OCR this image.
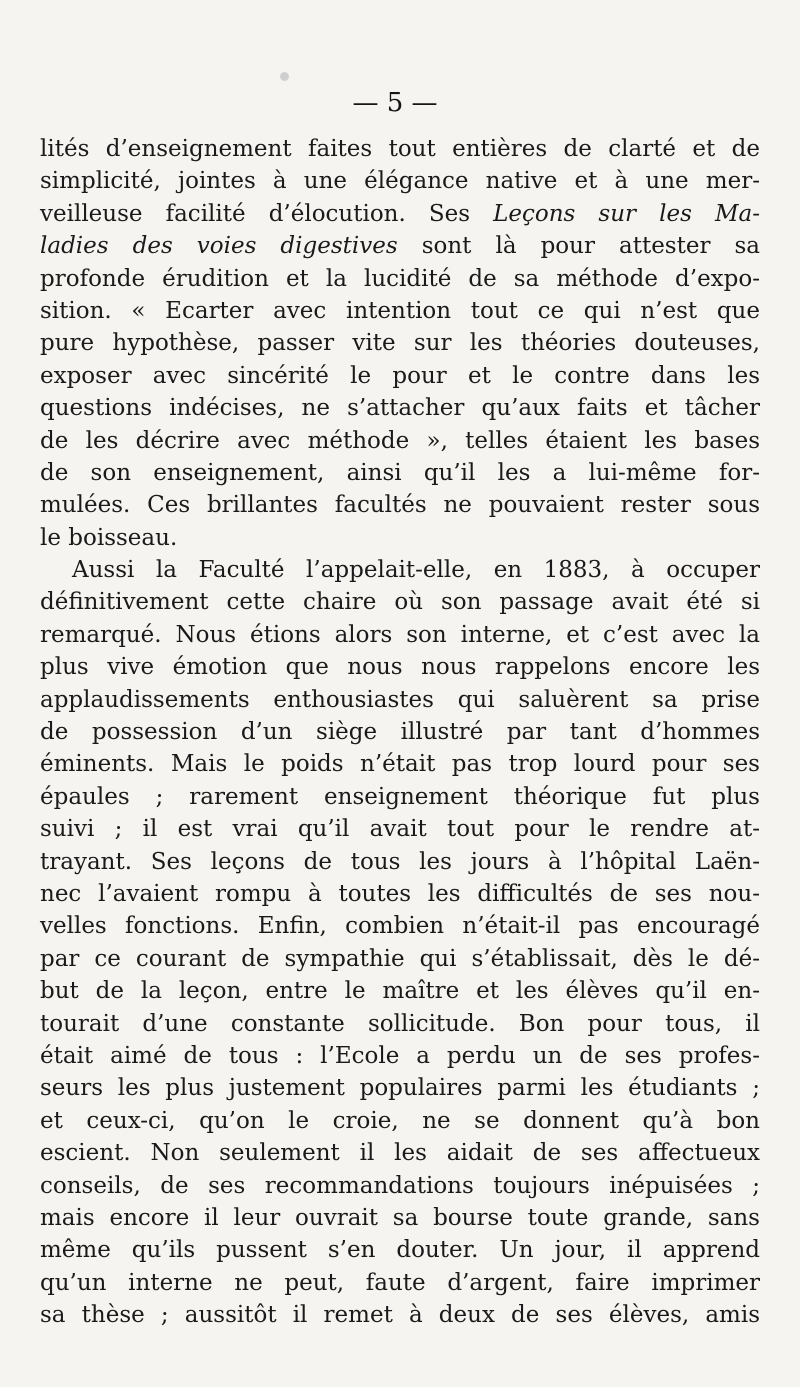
— 5 —
lités d’enseignement faites tout entières de clarté et de
simplicité, jointes à une élégance native et à une mer-
veilleuse facilité d’élocution. Ses Leçons sur les Ma-
ladies des voies digestives sont là pour attester sa
profonde érudition et la lucidité de sa méthode d’expo-
sition. « Ecarter avec intention tout ce qui n’est que
pure hypothèse, passer vite sur les théories douteuses,
exposer avec sincérité le pour et le contre dans les
questions indécises, ne s’attacher qu’aux faits et tâcher
de les décrire avec méthode », telles étaient les bases
de son enseignement, ainsi qu’il les a lui-même for-
mulées. Ces brillantes facultés ne pouvaient rester sous
le boisseau.
Aussi la Faculté l’appelait-elle, en 1883, à occuper
définitivement cette chaire où son passage avait été si
remarqué. Nous étions alors son interne, et c’est avec la
plus vive émotion que nous nous rappelons encore les
applaudissements enthousiastes qui saluèrent sa prise
de possession d’un siège illustré par tant d’hommes
éminents. Mais le poids n’était pas trop lourd pour ses
épaules ; rarement enseignement théorique fut plus
suivi ; il est vrai qu’il avait tout pour le rendre at-
trayant. Ses leçons de tous les jours à l’hôpital Laën-
nec l’avaient rompu à toutes les difficultés de ses nou-
velles fonctions. Enfin, combien n’était-il pas encouragé
par ce courant de sympathie qui s’établissait, dès le dé-
but de la leçon, entre le maître et les élèves qu’il en-
tourait d’une constante sollicitude. Bon pour tous, il
était aimé de tous : l’Ecole a perdu un de ses profes-
seurs les plus justement populaires parmi les étudiants ;
et ceux-ci, qu’on le croie, ne se donnent qu’à bon
escient. Non seulement il les aidait de ses affectueux
conseils, de ses recommandations toujours inépuisées ;
mais encore il leur ouvrait sa bourse toute grande, sans
même qu’ils pussent s’en douter. Un jour, il apprend
qu’un interne ne peut, faute d’argent, faire imprimer
sa thèse ; aussitôt il remet à deux de ses élèves, amis
